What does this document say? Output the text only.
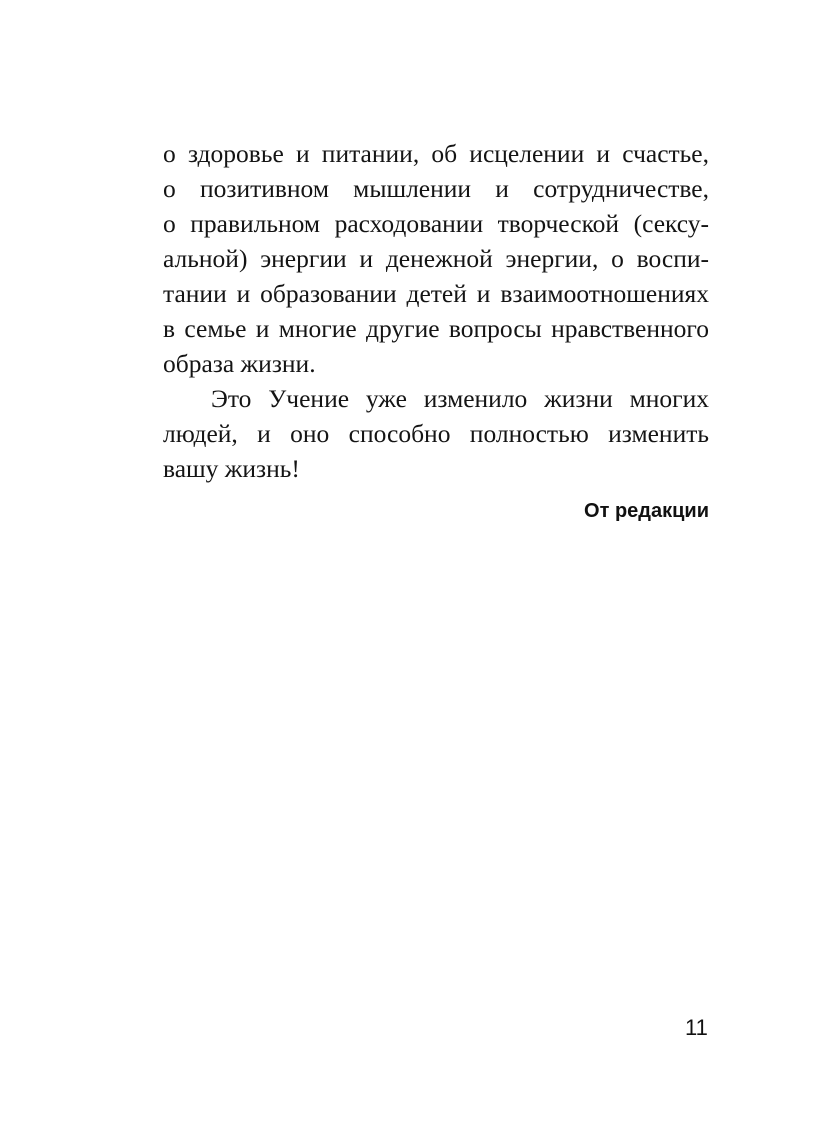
о здоровье и питании, об исцелении и счастье,
о позитивном мышлении и сотрудничестве,
о правильном расходовании творческой (сексу-
альной) энергии и денежной энергии, о воспи-
тании и образовании детей и взаимоотношениях
в семье и многие другие вопросы нравственного
образа жизни.
Это Учение уже изменило жизни многих
людей, и оно способно полностью изменить
вашу жизнь!
От редакции
11
